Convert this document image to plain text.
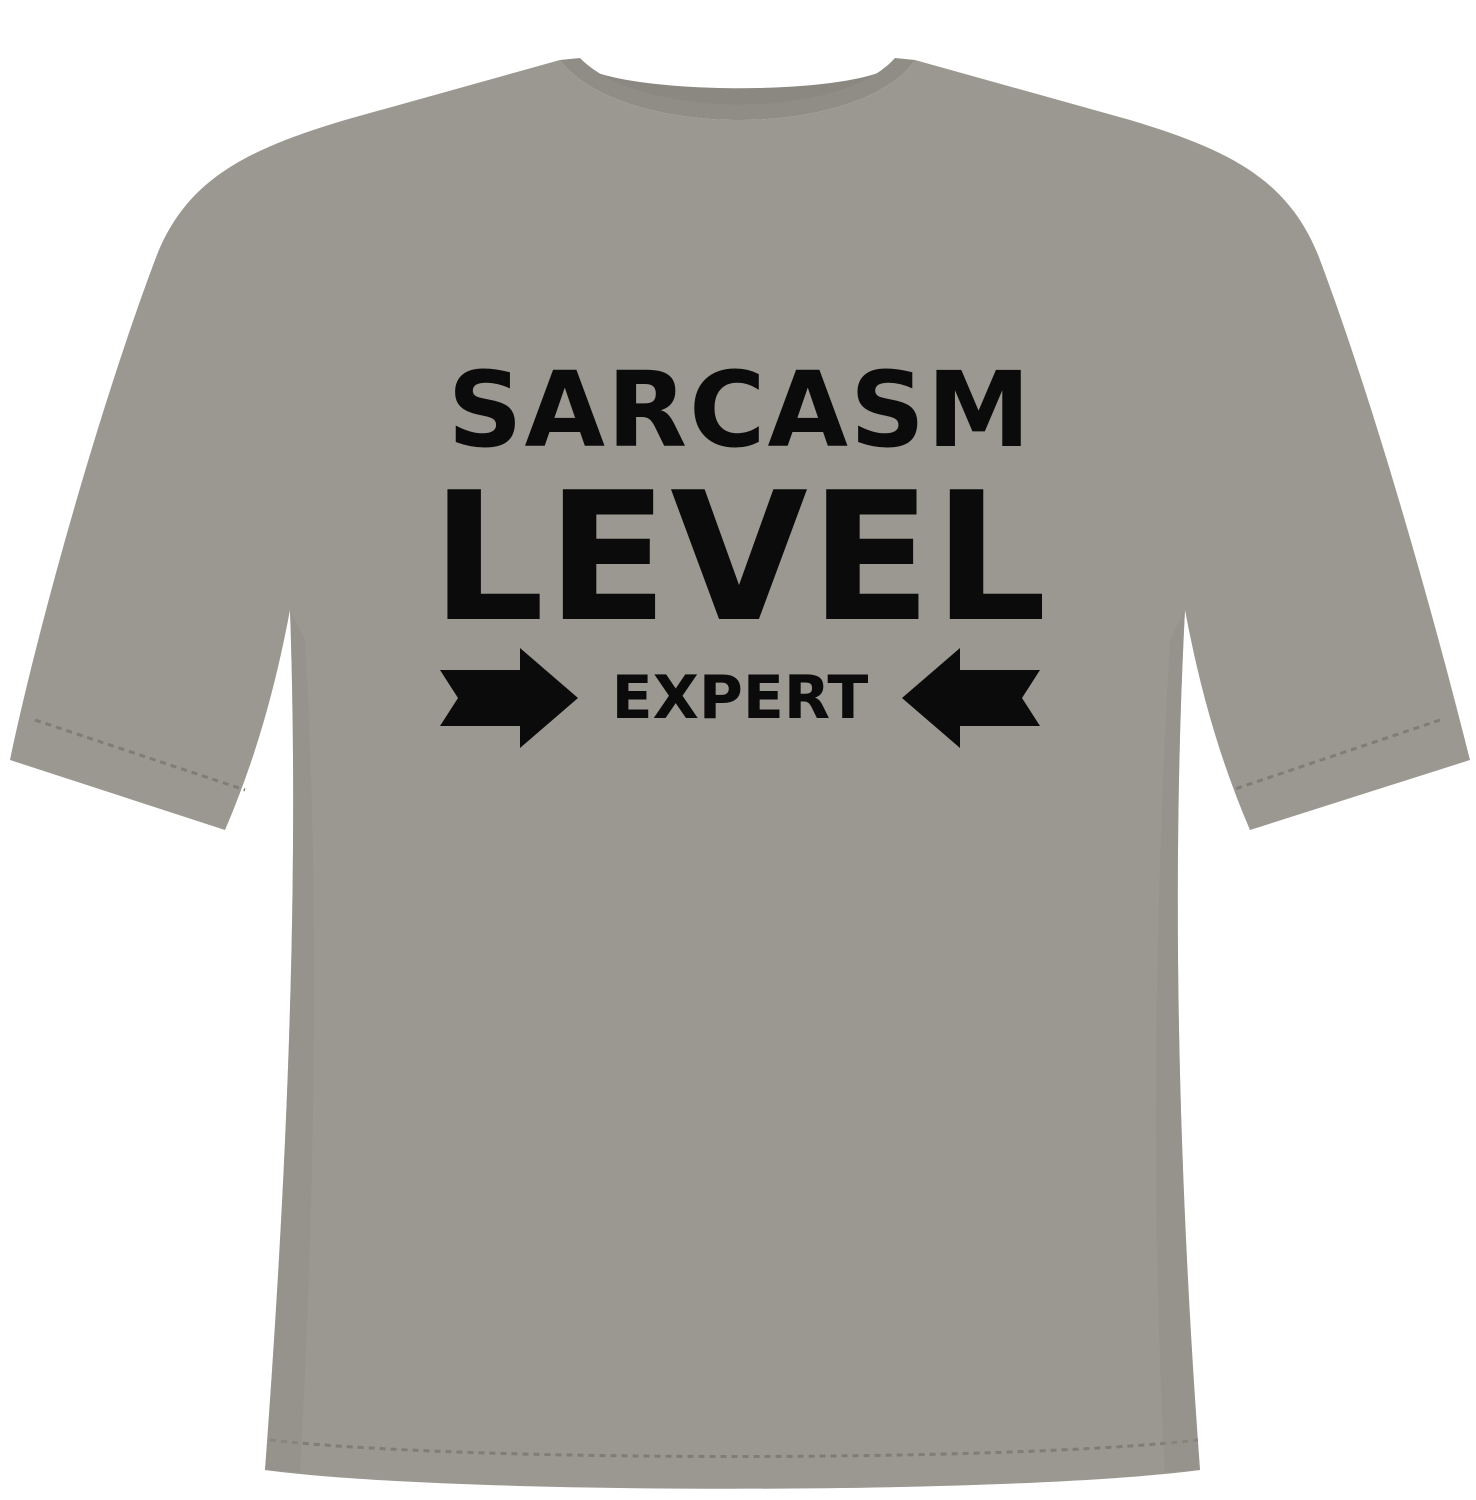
SARCASM
LEVEL
EXPERT
